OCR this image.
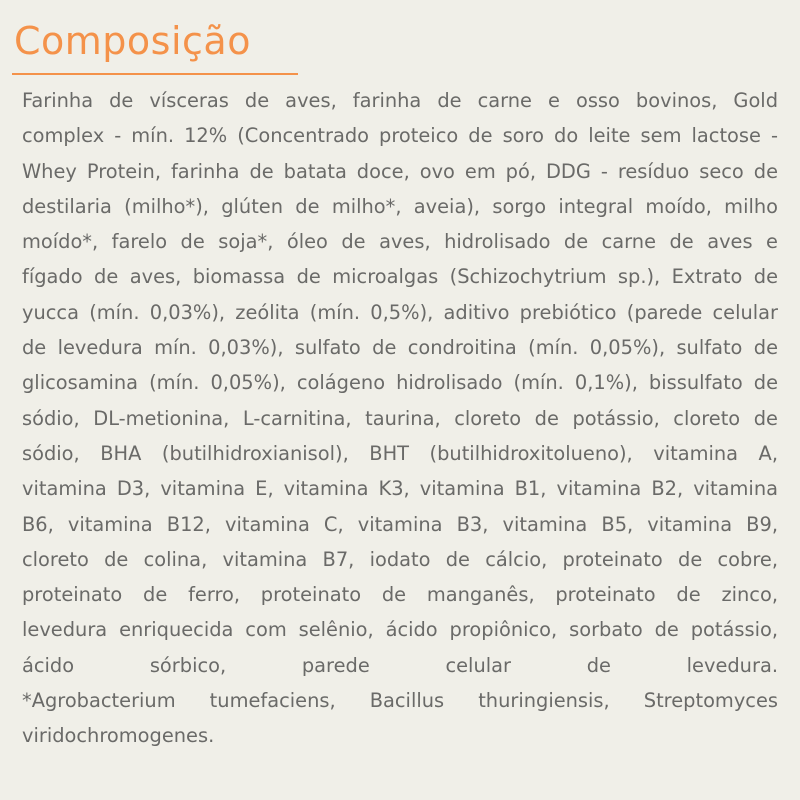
Composição
Farinha de vísceras de aves, farinha de carne e osso bovinos, Gold
complex - mín. 12% (Concentrado proteico de soro do leite sem lactose -
Whey Protein, farinha de batata doce, ovo em pó, DDG - resíduo seco de
destilaria (milho*), glúten de milho*, aveia), sorgo integral moído, milho
moído*, farelo de soja*, óleo de aves, hidrolisado de carne de aves e
fígado de aves, biomassa de microalgas (Schizochytrium sp.), Extrato de
yucca (mín. 0,03%), zeólita (mín. 0,5%), aditivo prebiótico (parede celular
de levedura mín. 0,03%), sulfato de condroitina (mín. 0,05%), sulfato de
glicosamina (mín. 0,05%), colágeno hidrolisado (mín. 0,1%), bissulfato de
sódio, DL-metionina, L-carnitina, taurina, cloreto de potássio, cloreto de
sódio, BHA (butilhidroxianisol), BHT (butilhidroxitolueno), vitamina A,
vitamina D3, vitamina E, vitamina K3, vitamina B1, vitamina B2, vitamina
B6, vitamina B12, vitamina C, vitamina B3, vitamina B5, vitamina B9,
cloreto de colina, vitamina B7, iodato de cálcio, proteinato de cobre,
proteinato de ferro, proteinato de manganês, proteinato de zinco,
levedura enriquecida com selênio, ácido propiônico, sorbato de potássio,
ácido sórbico, parede celular de levedura.
*Agrobacterium tumefaciens, Bacillus thuringiensis, Streptomyces
viridochromogenes.
